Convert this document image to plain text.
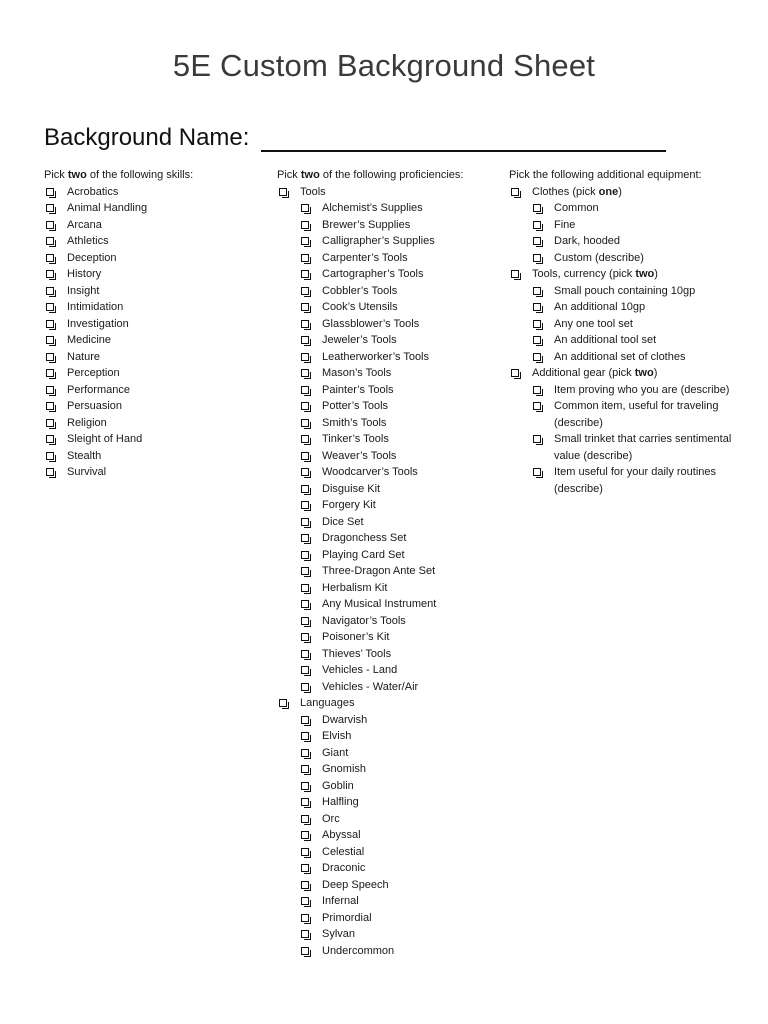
5E Custom Background Sheet
Background Name:
Pick two of the following skills:
Acrobatics
Animal Handling
Arcana
Athletics
Deception
History
Insight
Intimidation
Investigation
Medicine
Nature
Perception
Performance
Persuasion
Religion
Sleight of Hand
Stealth
Survival
Pick two of the following proficiencies:
Tools
Alchemist’s Supplies
Brewer’s Supplies
Calligrapher’s Supplies
Carpenter’s Tools
Cartographer’s Tools
Cobbler’s Tools
Cook’s Utensils
Glassblower’s Tools
Jeweler’s Tools
Leatherworker’s Tools
Mason’s Tools
Painter’s Tools
Potter’s Tools
Smith’s Tools
Tinker’s Tools
Weaver’s Tools
Woodcarver’s Tools
Disguise Kit
Forgery Kit
Dice Set
Dragonchess Set
Playing Card Set
Three-Dragon Ante Set
Herbalism Kit
Any Musical Instrument
Navigator’s Tools
Poisoner’s Kit
Thieves’ Tools
Vehicles - Land
Vehicles - Water/Air
Languages
Dwarvish
Elvish
Giant
Gnomish
Goblin
Halfling
Orc
Abyssal
Celestial
Draconic
Deep Speech
Infernal
Primordial
Sylvan
Undercommon
Pick the following additional equipment:
Clothes (pick one)
Common
Fine
Dark, hooded
Custom (describe)
Tools, currency (pick two)
Small pouch containing 10gp
An additional 10gp
Any one tool set
An additional tool set
An additional set of clothes
Additional gear (pick two)
Item proving who you are (describe)
Common item, useful for traveling (describe)
Small trinket that carries sentimental value (describe)
Item useful for your daily routines (describe)
